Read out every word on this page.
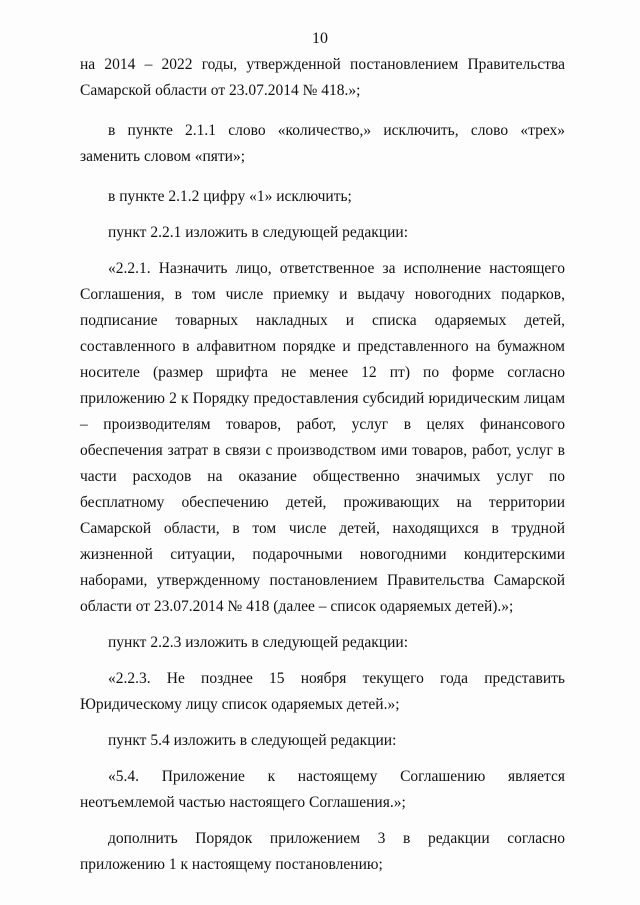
10

на 2014 – 2022 годы, утвержденной постановлением Правительства Самарской области от 23.07.2014 № 418.»;

в пункте 2.1.1 слово «количество,» исключить, слово «трех» заменить словом «пяти»;

в пункте 2.1.2 цифру «1» исключить;

пункт 2.2.1 изложить в следующей редакции:

«2.2.1. Назначить лицо, ответственное за исполнение настоящего Соглашения, в том числе приемку и выдачу новогодних подарков, подписание товарных накладных и списка одаряемых детей, составленного в алфавитном порядке и представленного на бумажном носителе (размер шрифта не менее 12 пт) по форме согласно приложению 2 к Порядку предоставления субсидий юридическим лицам – производителям товаров, работ, услуг в целях финансового обеспечения затрат в связи с производством ими товаров, работ, услуг в части расходов на оказание общественно значимых услуг по бесплатному обеспечению детей, проживающих на территории Самарской области, в том числе детей, находящихся в трудной жизненной ситуации, подарочными новогодними кондитерскими наборами, утвержденному постановлением Правительства Самарской области от 23.07.2014 № 418 (далее – список одаряемых детей).»;

пункт 2.2.3 изложить в следующей редакции:

«2.2.3. Не позднее 15 ноября текущего года представить Юридическому лицу список одаряемых детей.»;

пункт 5.4 изложить в следующей редакции:

«5.4. Приложение к настоящему Соглашению является неотъемлемой частью настоящего Соглашения.»;

дополнить Порядок приложением 3 в редакции согласно приложению 1 к настоящему постановлению;
